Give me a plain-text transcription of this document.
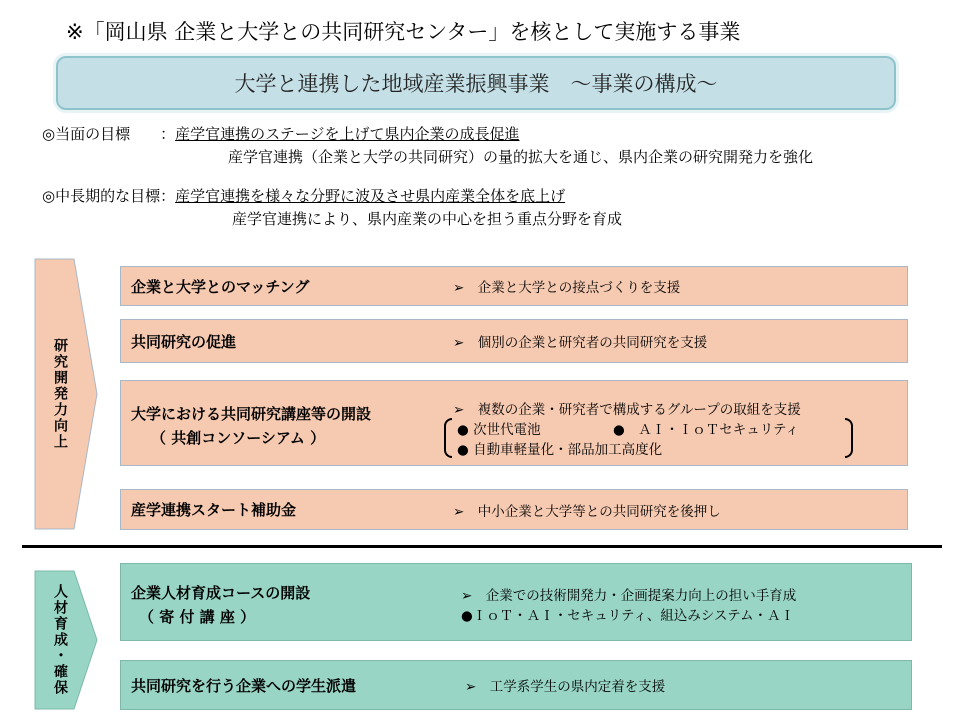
※「岡山県 企業と大学との共同研究センター」を核として実施する事業
大学と連携した地域産業振興事業　～事業の構成～
◎当面の目標　　：産学官連携のステージを上げて県内企業の成長促進
産学官連携（企業と大学の共同研究）の量的拡大を通じ、県内企業の研究開発力を強化
◎中長期的な目標：産学官連携を様々な分野に波及させ県内産業全体を底上げ
産学官連携により、県内産業の中心を担う重点分野を育成
研究開発力向上
企業と大学とのマッチング	➢　企業と大学との接点づくりを支援
共同研究の促進	➢　個別の企業と研究者の共同研究を支援
大学における共同研究講座等の開設
（ 共創コンソーシアム ）
➢　複数の企業・研究者で構成するグループの取組を支援
● 次世代電池	●　ＡＩ・ＩｏＴセキュリティ
● 自動車軽量化・部品加工高度化
産学連携スタート補助金	➢　中小企業と大学等との共同研究を後押し
人材育成・確保	企業人材育成コースの開設
（ 寄 付 講 座 ）
➢　企業での技術開発力・企画提案力向上の担い手育成
●ＩｏＴ・ＡＩ・セキュリティ、組込みシステム・ＡＩ
共同研究を行う企業への学生派遣	➢　工学系学生の県内定着を支援
